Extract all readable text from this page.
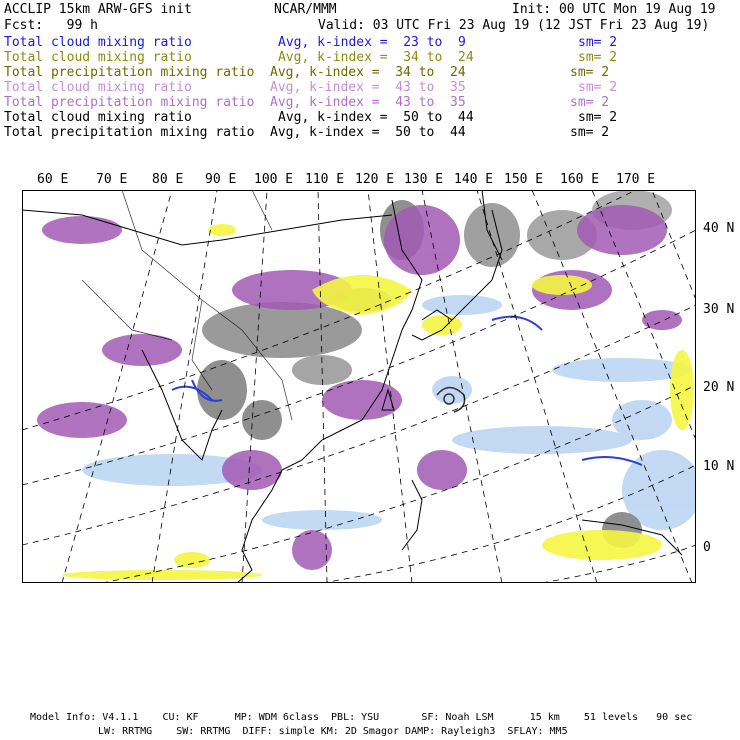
ACCLIP 15km ARW-GFS init	NCAR/MMM	Init: 00 UTC Mon 19 Aug 19
Fcst:   99 h	Valid: 03 UTC Fri 23 Aug 19 (12 JST Fri 23 Aug 19)
Total cloud mixing ratio	Avg, k-index =  23 to  9	sm= 2
Total cloud mixing ratio	Avg, k-index =  34 to  24	sm= 2
Total precipitation mixing ratio Avg, k-index =  34 to  24	sm= 2
Total cloud mixing ratio	Avg, k-index =  43 to  35	sm= 2
Total precipitation mixing ratio Avg, k-index =  43 to  35	sm= 2
Total cloud mixing ratio	Avg, k-index =  50 to  44	sm= 2
Total precipitation mixing ratio Avg, k-index =  50 to  44	sm= 2
60 E 70 E 80 E 90 E 100 E 110 E 120 E 130 E 140 E 150 E 160 E 170 E
40 N
30 N
20 N
10 N
0
Model Info: V4.1.1    CU: KF      MP: WDM 6class  PBL: YSU       SF: Noah LSM      15 km    51 levels   90 sec
LW: RRTMG    SW: RRTMG  DIFF: simple KM: 2D Smagor DAMP: Rayleigh3  SFLAY: MM5
